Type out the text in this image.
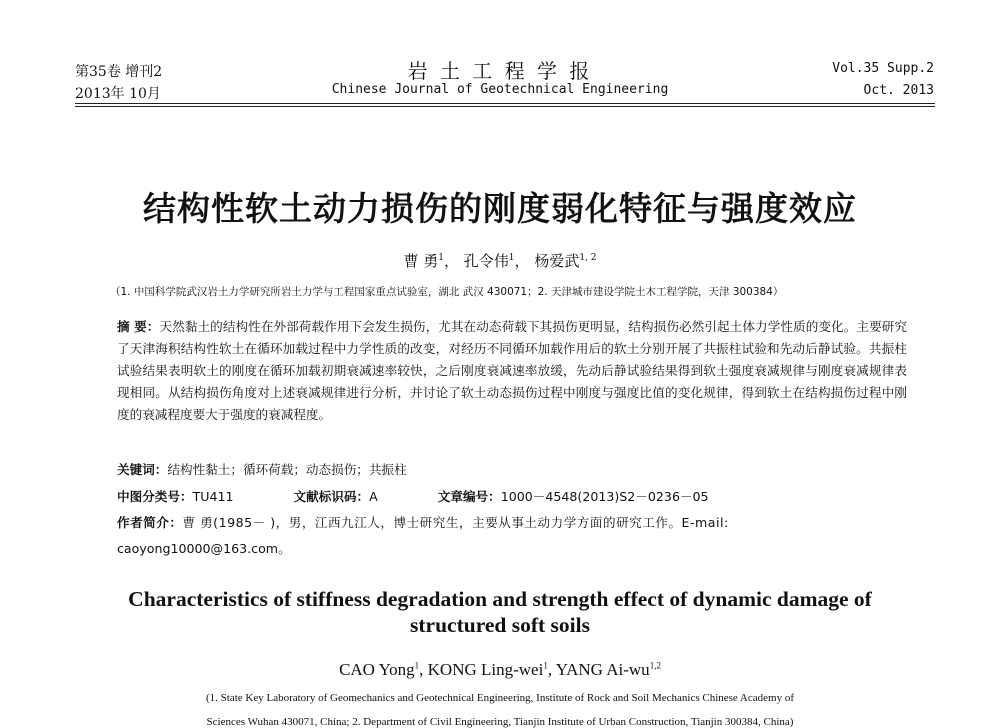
第35卷 增刊2
2013年 10月
岩 土 工 程 学 报
Chinese Journal of Geotechnical Engineering
Vol.35 Supp.2
Oct. 2013
结构性软土动力损伤的刚度弱化特征与强度效应
曹 勇$^1$， 孔令伟$^1$， 杨爱武$^{1, 2}$
（1. 中国科学院武汉岩土力学研究所岩土力学与工程国家重点试验室，湖北 武汉 430071；2. 天津城市建设学院土木工程学院，天津 300384）
摘 要：天然黏土的结构性在外部荷载作用下会发生损伤，尤其在动态荷载下其损伤更明显，结构损伤必然引起土体力学性质的变化。主要研究了天津海积结构性软土在循环加载过程中力学性质的改变，对经历不同循环加载作用后的软土分别开展了共振柱试验和先动后静试验。共振柱试验结果表明软土的刚度在循环加载初期衰减速率较快，之后刚度衰减速率放缓，先动后静试验结果得到软土强度衰减规律与刚度衰减规律表现相同。从结构损伤角度对上述衰减规律进行分析，并讨论了软土动态损伤过程中刚度与强度比值的变化规律，得到软土在结构损伤过程中刚度的衰减程度要大于强度的衰减程度。
关键词：结构性黏土；循环荷载；动态损伤；共振柱
中图分类号：TU411	文献标识码：A	文章编号：1000－4548(2013)S2－0236－05
作者简介：曹 勇(1985－ )，男，江西九江人，博士研究生，主要从事土动力学方面的研究工作。E-mail:
caoyong10000@163.com。
Characteristics of stiffness degradation and strength effect of dynamic damage of
structured soft soils
CAO Yong$^1$, KONG Ling-wei$^1$, YANG Ai-wu$^{1,2}$
(1. State Key Laboratory of Geomechanics and Geotechnical Engineering, Institute of Rock and Soil Mechanics Chinese Academy of
Sciences Wuhan 430071, China; 2. Department of Civil Engineering, Tianjin Institute of Urban Construction, Tianjin 300384, China)
